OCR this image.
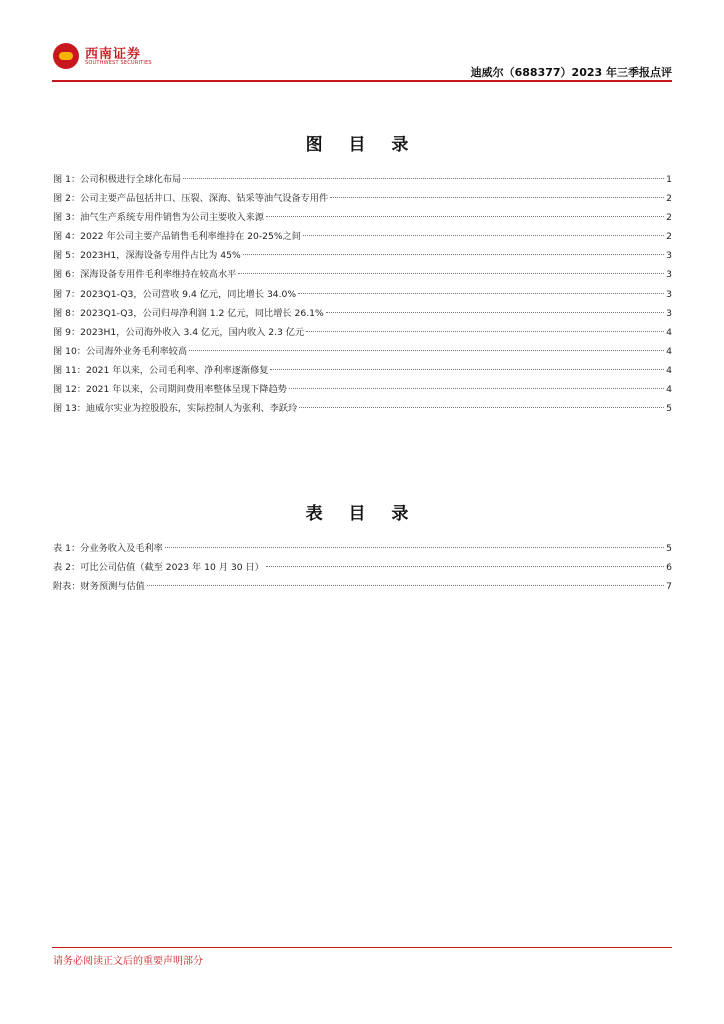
西南证券
SOUTHWEST SECURITIES
迪威尔（688377）2023 年三季报点评
图 目 录
图 1：公司积极进行全球化布局	1
图 2：公司主要产品包括井口、压裂、深海、钻采等油气设备专用件	2
图 3：油气生产系统专用件销售为公司主要收入来源	2
图 4：2022 年公司主要产品销售毛利率维持在 20-25%之间	2
图 5：2023H1，深海设备专用件占比为 45%	3
图 6：深海设备专用件毛利率维持在较高水平	3
图 7：2023Q1-Q3，公司营收 9.4 亿元，同比增长 34.0%	3
图 8：2023Q1-Q3，公司归母净利润 1.2 亿元，同比增长 26.1%	3
图 9：2023H1，公司海外收入 3.4 亿元，国内收入 2.3 亿元	4
图 10：公司海外业务毛利率较高	4
图 11：2021 年以来，公司毛利率、净利率逐渐修复	4
图 12：2021 年以来，公司期间费用率整体呈现下降趋势	4
图 13：迪威尔实业为控股股东，实际控制人为张利、李跃玲	5
表 目 录
表 1：分业务收入及毛利率	5
表 2：可比公司估值（截至 2023 年 10 月 30 日）	6
附表：财务预测与估值	7
请务必阅读正文后的重要声明部分
